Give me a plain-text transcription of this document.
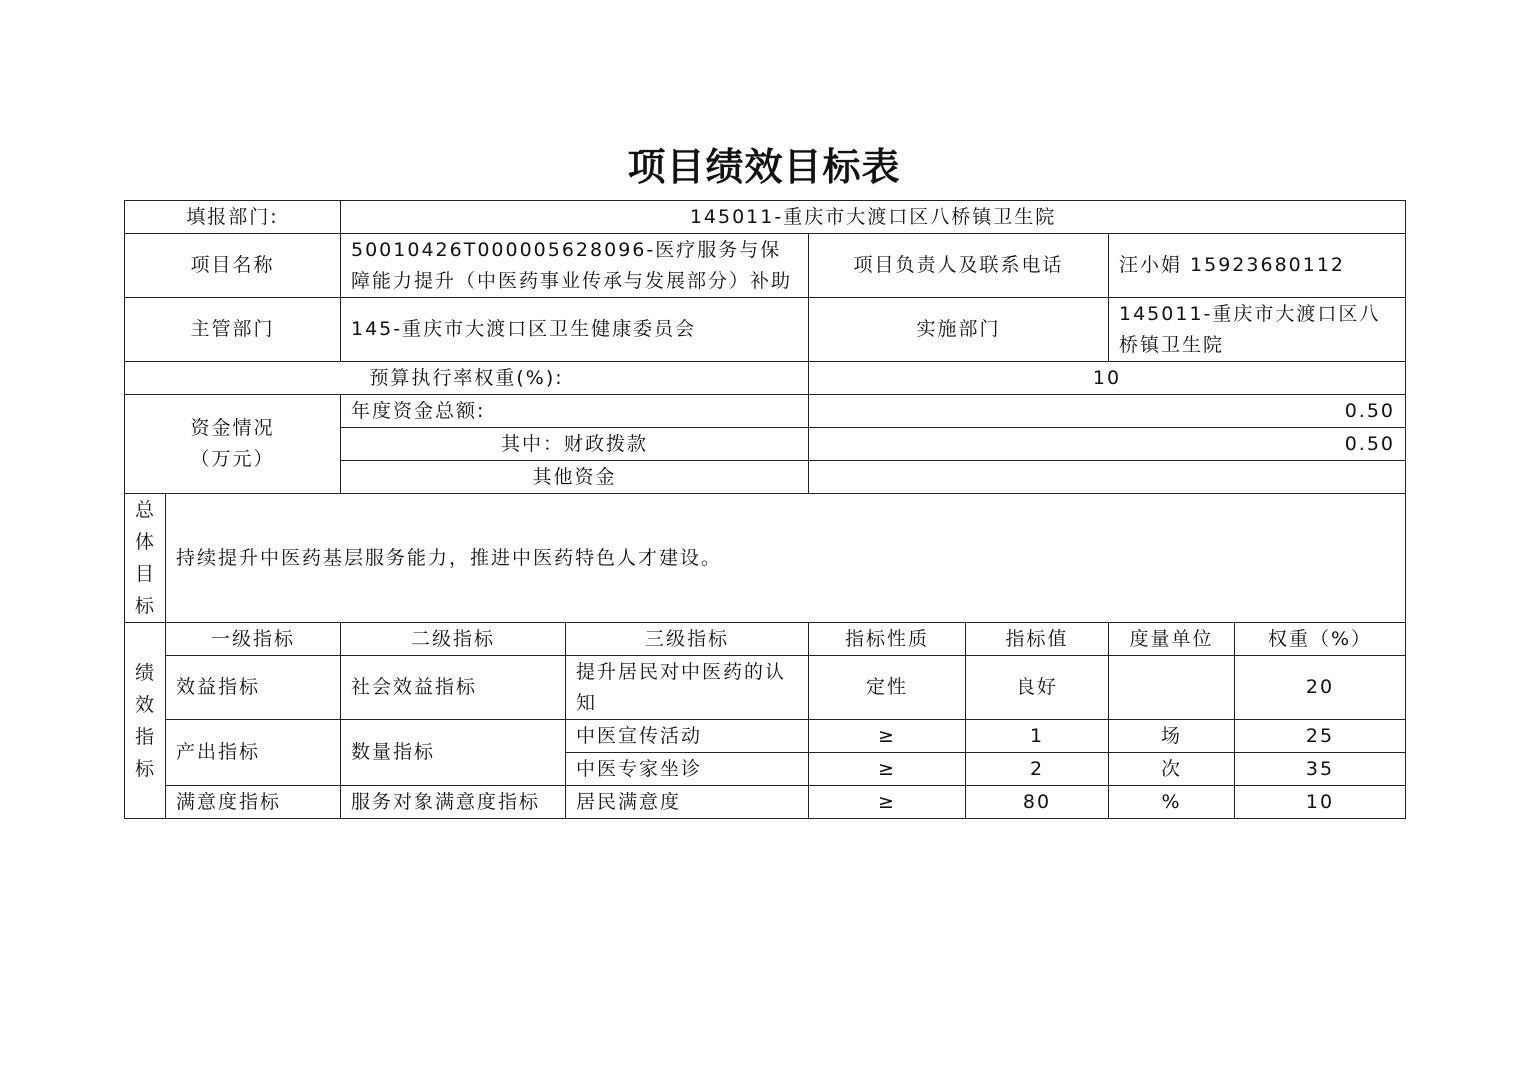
项目绩效目标表
填报部门:		145011-重庆市大渡口区八桥镇卫生院					
项目名称		50010426T000005628096-医疗服务与保障能力提升（中医药事业传承与发展部分）补助		项目负责人及联系电话		汪小娟 15923680112	
主管部门		145-重庆市大渡口区卫生健康委员会		实施部门		145011-重庆市大渡口区八桥镇卫生院	
预算执行率权重(%):				10			

资金情况
（万元）		年度资金总额:		0.50			
		其中：财政拨款		0.50			
		其他资金					

总
体
目
标	持续提升中医药基层服务能力，推进中医药特色人才建设。						

绩
效
指
标	一级指标	二级指标	三级指标	指标性质	指标值	度量单位	权重（%）
	效益指标	社会效益指标	提升居民对中医药的认知	定性	良好		20
	产出指标	数量指标	中医宣传活动	≥	1	场	25
			中医专家坐诊	≥	2	次	35
	满意度指标	服务对象满意度指标	居民满意度	≥	80	%	10
